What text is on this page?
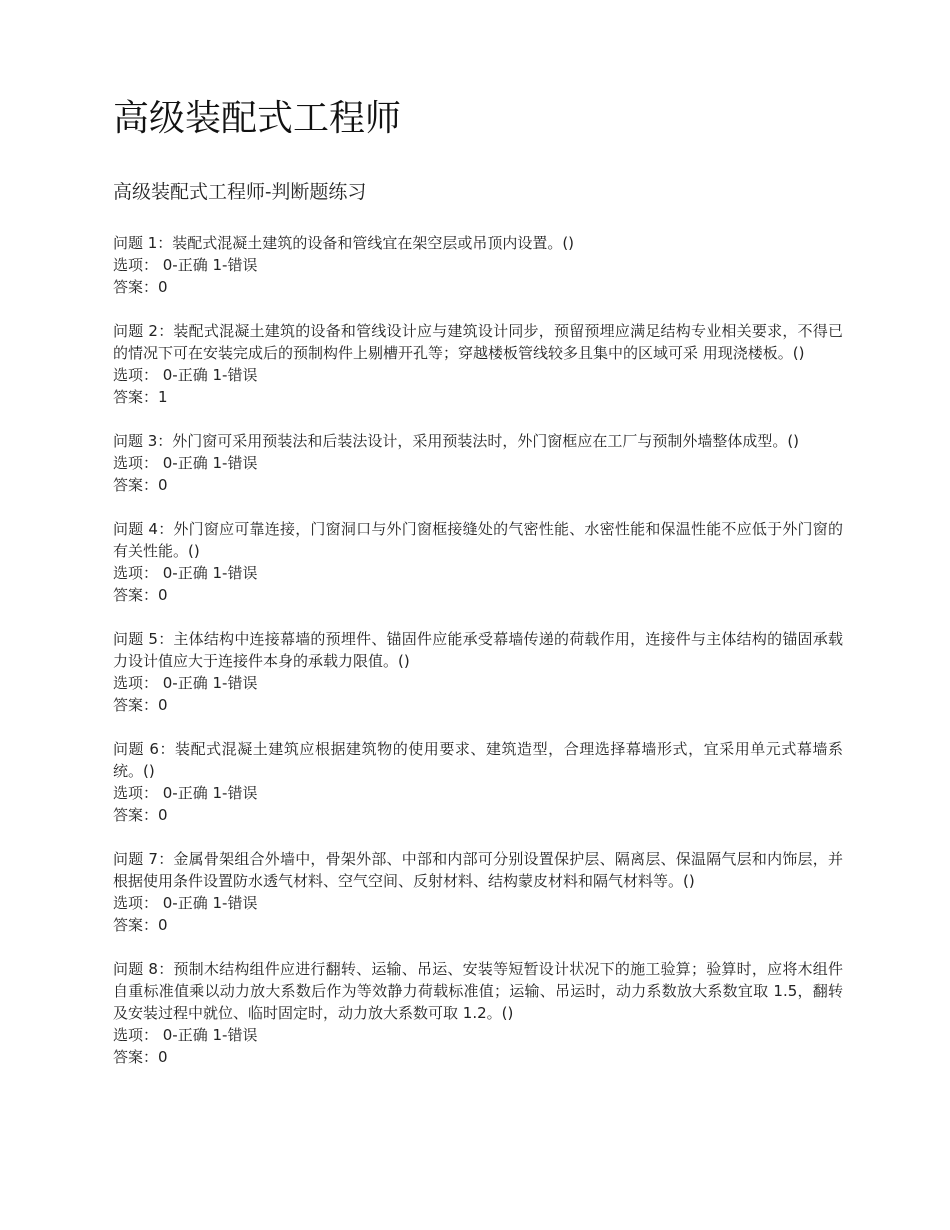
高级装配式工程师
高级装配式工程师-判断题练习

问题 1：装配式混凝土建筑的设备和管线宜在架空层或吊顶内设置。()

选项： 0-正确 1-错误

答案：0

问题 2：装配式混凝土建筑的设备和管线设计应与建筑设计同步，预留预埋应满足结构专业相关要求，不得已的情况下可在安装完成后的预制构件上剔槽开孔等；穿越楼板管线较多且集中的区域可采 用现浇楼板。()

选项： 0-正确 1-错误

答案：1

问题 3：外门窗可采用预装法和后装法设计，采用预装法时，外门窗框应在工厂与预制外墙整体成型。()

选项： 0-正确 1-错误

答案：0

问题 4：外门窗应可靠连接，门窗洞口与外门窗框接缝处的气密性能、水密性能和保温性能不应低于外门窗的有关性能。()

选项： 0-正确 1-错误

答案：0

问题 5：主体结构中连接幕墙的预埋件、锚固件应能承受幕墙传递的荷载作用，连接件与主体结构的锚固承载力设计值应大于连接件本身的承载力限值。()

选项： 0-正确 1-错误

答案：0

问题 6：装配式混凝土建筑应根据建筑物的使用要求、建筑造型，合理选择幕墙形式，宜采用单元式幕墙系统。()

选项： 0-正确 1-错误

答案：0

问题 7：金属骨架组合外墙中，骨架外部、中部和内部可分别设置保护层、隔离层、保温隔气层和内饰层，并根据使用条件设置防水透气材料、空气空间、反射材料、结构蒙皮材料和隔气材料等。()

选项： 0-正确 1-错误

答案：0

问题 8：预制木结构组件应进行翻转、运输、吊运、安装等短暂设计状况下的施工验算；验算时，应将木组件自重标准值乘以动力放大系数后作为等效静力荷载标准值；运输、吊运时，动力系数放大系数宜取 1.5，翻转及安装过程中就位、临时固定时，动力放大系数可取 1.2。()

选项： 0-正确 1-错误

答案：0
